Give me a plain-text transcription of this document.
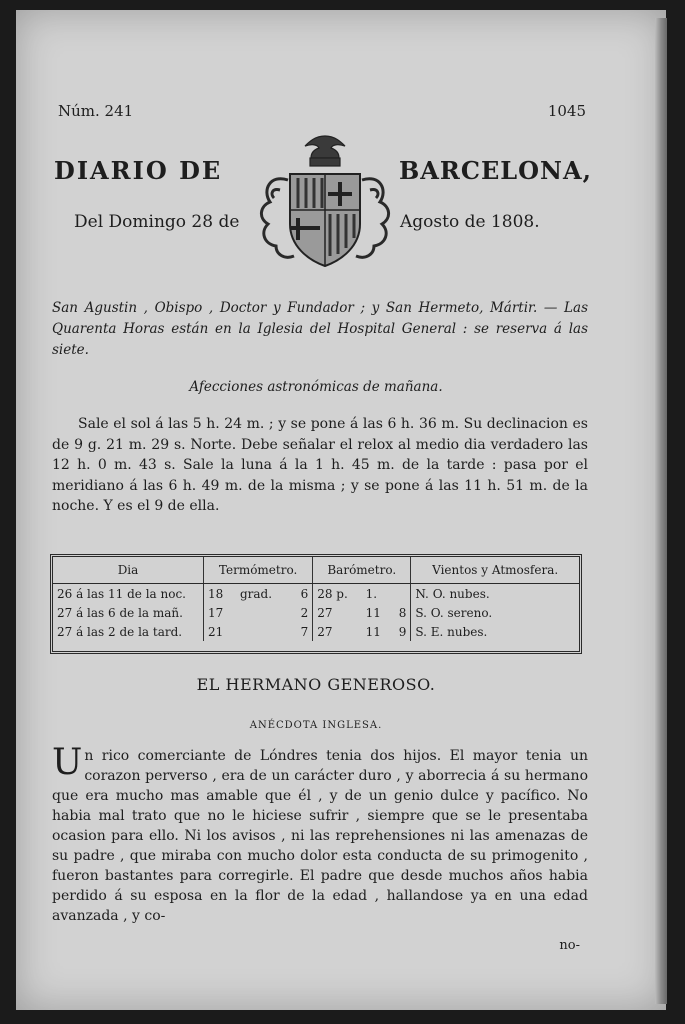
Núm. 241	1045
DIARIO DE	BARCELONA,
Del Domingo 28 de	Agosto de 1808.
San Agustin , Obispo , Doctor y Fundador ; y San Hermeto, Mártir. — Las Quarenta Horas están en la Iglesia del Hospital General : se reserva á las siete.
Afecciones astronómicas de mañana.
Sale el sol á las 5 h. 24 m. ; y se pone á las 6 h. 36 m. Su declinacion es de 9 g. 21 m. 29 s. Norte. Debe señalar el relox al medio dia verdadero las 12 h. 0 m. 43 s. Sale la luna á la 1 h. 45 m. de la tarde : pasa por el meridiano á las 6 h. 49 m. de la misma ; y se pone á las 11 h. 51 m. de la noche. Y es el 9 de ella.
Dia	Termómetro.			Barómetro.			Vientos y Atmosfera.
26 á las 11 de la noc.	18	grad.	6	28 p.	1.		N. O. nubes.
27 á las 6 de la mañ.	17		2	27	11	8	S. O. sereno.
27 á las 2 de la tard.	21		7	27	11	9	S. E. nubes.
EL HERMANO GENEROSO.
ANÉCDOTA INGLESA.
Un rico comerciante de Lóndres tenia dos hijos. El mayor tenia un corazon perverso , era de un carácter duro , y aborrecia á su hermano que era mucho mas amable que él , y de un genio dulce y pacífico. No habia mal trato que no le hiciese sufrir , siempre que se le presentaba ocasion para ello. Ni los avisos , ni las reprehensiones ni las amenazas de su padre , que miraba con mucho dolor esta conducta de su primogenito , fueron bastantes para corregirle. El padre que desde muchos años habia perdido á su esposa en la flor de la edad , hallandose ya en una edad avanzada , y co-
no-
